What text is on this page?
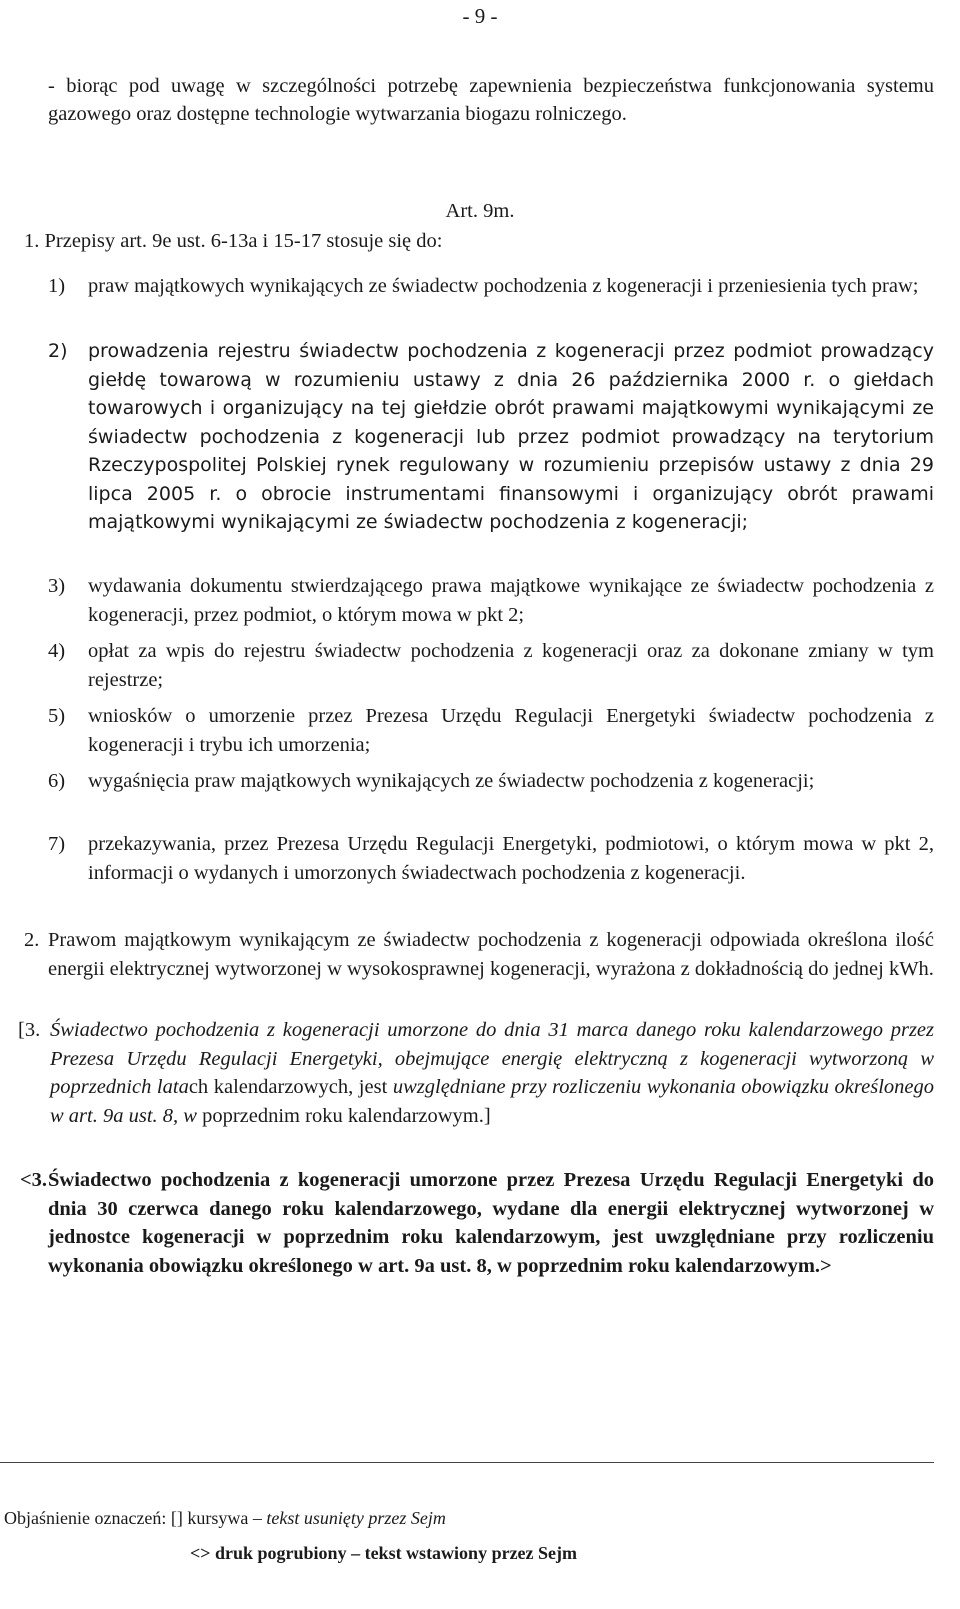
- 9 -
- biorąc pod uwagę w szczególności potrzebę zapewnienia bezpieczeństwa funkcjonowania systemu gazowego oraz dostępne technologie wytwarzania biogazu rolniczego.
Art. 9m.
1. Przepisy art. 9e ust. 6-13a i 15-17 stosuje się do:
1) praw majątkowych wynikających ze świadectw pochodzenia z kogeneracji i przeniesienia tych praw;
2) prowadzenia rejestru świadectw pochodzenia z kogeneracji przez podmiot prowadzący giełdę towarową w rozumieniu ustawy z dnia 26 października 2000 r. o giełdach towarowych i organizujący na tej giełdzie obrót prawami majątkowymi wynikającymi ze świadectw pochodzenia z kogeneracji lub przez podmiot prowadzący na terytorium Rzeczypospolitej Polskiej rynek regulowany w rozumieniu przepisów ustawy z dnia 29 lipca 2005 r. o obrocie instrumentami finansowymi i organizujący obrót prawami majątkowymi wynikającymi ze świadectw pochodzenia z kogeneracji;
3) wydawania dokumentu stwierdzającego prawa majątkowe wynikające ze świadectw pochodzenia z kogeneracji, przez podmiot, o którym mowa w pkt 2;
4) opłat za wpis do rejestru świadectw pochodzenia z kogeneracji oraz za dokonane zmiany w tym rejestrze;
5) wniosków o umorzenie przez Prezesa Urzędu Regulacji Energetyki świadectw pochodzenia z kogeneracji i trybu ich umorzenia;
6) wygaśnięcia praw majątkowych wynikających ze świadectw pochodzenia z kogeneracji;
7) przekazywania, przez Prezesa Urzędu Regulacji Energetyki, podmiotowi, o którym mowa w pkt 2, informacji o wydanych i umorzonych świadectwach pochodzenia z kogeneracji.
2. Prawom majątkowym wynikającym ze świadectw pochodzenia z kogeneracji odpowiada określona ilość energii elektrycznej wytworzonej w wysokosprawnej kogeneracji, wyrażona z dokładnością do jednej kWh.
[3. Świadectwo pochodzenia z kogeneracji umorzone do dnia 31 marca danego roku kalendarzowego przez Prezesa Urzędu Regulacji Energetyki, obejmujące energię elektryczną z kogeneracji wytworzoną w poprzednich latach kalendarzowych, jest uwzględniane przy rozliczeniu wykonania obowiązku określonego w art. 9a ust. 8, w poprzednim roku kalendarzowym.]
<3. Świadectwo pochodzenia z kogeneracji umorzone przez Prezesa Urzędu Regulacji Energetyki do dnia 30 czerwca danego roku kalendarzowego, wydane dla energii elektrycznej wytworzonej w jednostce kogeneracji w poprzednim roku kalendarzowym, jest uwzględniane przy rozliczeniu wykonania obowiązku określonego w art. 9a ust. 8, w poprzednim roku kalendarzowym.>
Objaśnienie oznaczeń: [] kursywa – tekst usunięty przez Sejm
<> druk pogrubiony – tekst wstawiony przez Sejm
